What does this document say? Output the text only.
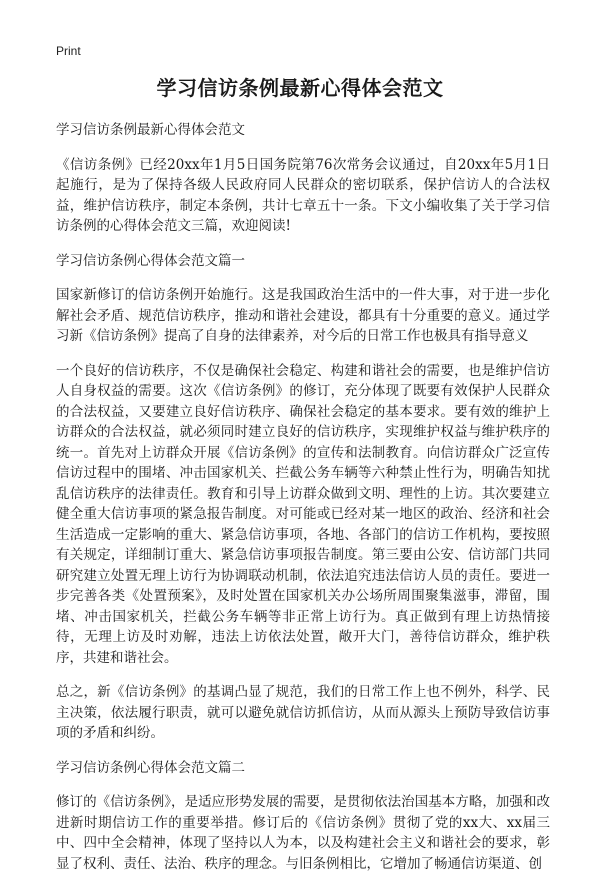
Print
学习信访条例最新心得体会范文

学习信访条例最新心得体会范文

《信访条例》已经20xx年1月5日国务院第76次常务会议通过，自20xx年5月1日起施行，是为了保持各级人民政府同人民群众的密切联系，保护信访人的合法权益，维护信访秩序，制定本条例，共计七章五十一条。下文小编收集了关于学习信访条例的心得体会范文三篇，欢迎阅读!

学习信访条例心得体会范文篇一

国家新修订的信访条例开始施行。这是我国政治生活中的一件大事，对于进一步化解社会矛盾、规范信访秩序，推动和谐社会建设，都具有十分重要的意义。通过学习新《信访条例》提高了自身的法律素养，对今后的日常工作也极具有指导意义

一个良好的信访秩序，不仅是确保社会稳定、构建和谐社会的需要，也是维护信访人自身权益的需要。这次《信访条例》的修订，充分体现了既要有效保护人民群众的合法权益，又要建立良好信访秩序、确保社会稳定的基本要求。要有效的维护上访群众的合法权益，就必须同时建立良好的信访秩序，实现维护权益与维护秩序的统一。首先对上访群众开展《信访条例》的宣传和法制教育。向信访群众广泛宣传信访过程中的围堵、冲击国家机关、拦截公务车辆等六种禁止性行为，明确告知扰乱信访秩序的法律责任。教育和引导上访群众做到文明、理性的上访。其次要建立健全重大信访事项的紧急报告制度。对可能或已经对某一地区的政治、经济和社会生活造成一定影响的重大、紧急信访事项，各地、各部门的信访工作机构，要按照有关规定，详细制订重大、紧急信访事项报告制度。第三要由公安、信访部门共同研究建立处置无理上访行为协调联动机制，依法追究违法信访人员的责任。要进一步完善各类《处置预案》，及时处置在国家机关办公场所周围聚集滋事，滞留，围堵、冲击国家机关，拦截公务车辆等非正常上访行为。真正做到有理上访热情接待，无理上访及时劝解，违法上访依法处置，敞开大门，善待信访群众，维护秩序，共建和谐社会。

总之，新《信访条例》的基调凸显了规范，我们的日常工作上也不例外，科学、民主决策，依法履行职责，就可以避免就信访抓信访，从而从源头上预防导致信访事项的矛盾和纠纷。

学习信访条例心得体会范文篇二

修订的《信访条例》，是适应形势发展的需要，是贯彻依法治国基本方略，加强和改进新时期信访工作的重要举措。修订后的《信访条例》贯彻了党的xx大、xx届三中、四中全会精神，体现了坚持以人为本，以及构建社会主义和谐社会的要求，彰显了权利、责任、法治、秩序的理念。与旧条例相比，它增加了畅通信访渠道、创
